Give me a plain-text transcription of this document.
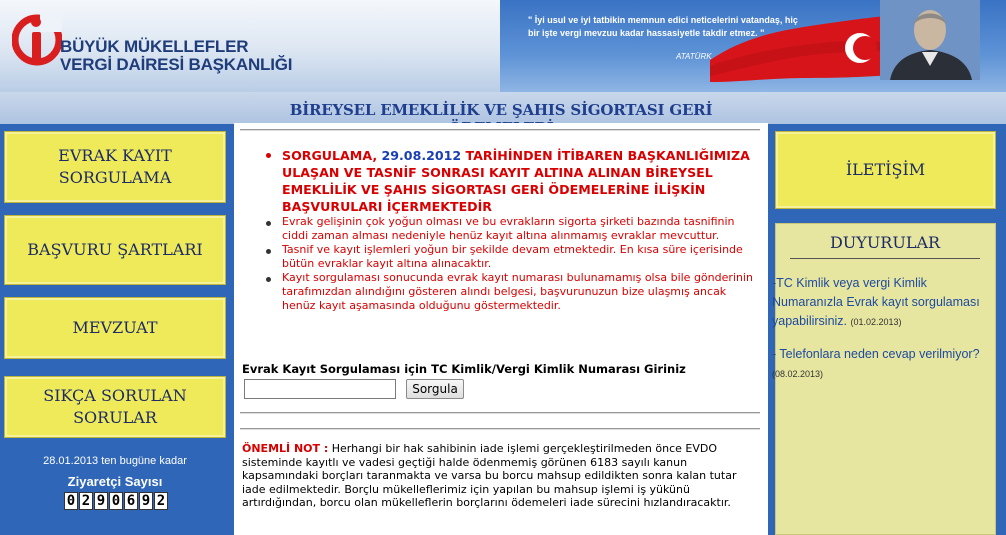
BÜYÜK MÜKELLEFLER
VERGİ DAİRESİ BAŞKANLIĞI
" İyi usul ve iyi tatbikin memnun edici neticelerini vatandaş, hiç bir işte vergi mevzuu kadar hassasiyetle takdir etmez. "
ATATÜRK
BİREYSEL EMEKLİLİK VE ŞAHIS SİGORTASI GERİ
EVRAK KAYIT
SORGULAMA
BAŞVURU ŞARTLARI
MEVZUAT
SIKÇA SORULAN
SORULAR
28.01.2013 ten bugüne kadar
Ziyaretçi Sayısı
0 2 9 0 6 9 2
İLETİŞİM
DUYURULAR
-TC Kimlik veya vergi Kimlik Numaranızla Evrak kayıt sorgulaması yapabilirsiniz. (01.02.2013)
- Telefonlara neden cevap verilmiyor? (08.02.2013)
SORGULAMA, 29.08.2012 TARİHİNDEN İTİBAREN BAŞKANLIĞIMIZA ULAŞAN VE TASNİF SONRASI KAYIT ALTINA ALINAN BİREYSEL EMEKLİLİK VE ŞAHIS SİGORTASI GERİ ÖDEMELERİNE İLİŞKİN BAŞVURULARI İÇERMEKTEDİR
Evrak gelişinin çok yoğun olması ve bu evrakların sigorta şirketi bazında tasnifinin ciddi zaman alması nedeniyle henüz kayıt altına alınmamış evraklar mevcuttur.
Tasnif ve kayıt işlemleri yoğun bir şekilde devam etmektedir. En kısa süre içerisinde bütün evraklar kayıt altına alınacaktır.
Kayıt sorgulaması sonucunda evrak kayıt numarası bulunamamış olsa bile gönderinin tarafımızdan alındığını gösteren alındı belgesi, başvurunuzun bize ulaşmış ancak henüz kayıt aşamasında olduğunu göstermektedir.
Evrak Kayıt Sorgulaması için TC Kimlik/Vergi Kimlik Numarası Giriniz
Sorgula
ÖNEMLİ NOT : Herhangi bir hak sahibinin iade işlemi gerçekleştirilmeden önce EVDO sisteminde kayıtlı ve vadesi geçtiği halde ödenmemiş görünen 6183 sayılı kanun kapsamındaki borçları taranmakta ve varsa bu borcu mahsup edildikten sonra kalan tutar iade edilmektedir. Borçlu mükelleflerimiz için yapılan bu mahsup işlemi iş yükünü artırdığından, borcu olan mükelleflerin borçlarını ödemeleri iade sürecini hızlandıracaktır.
